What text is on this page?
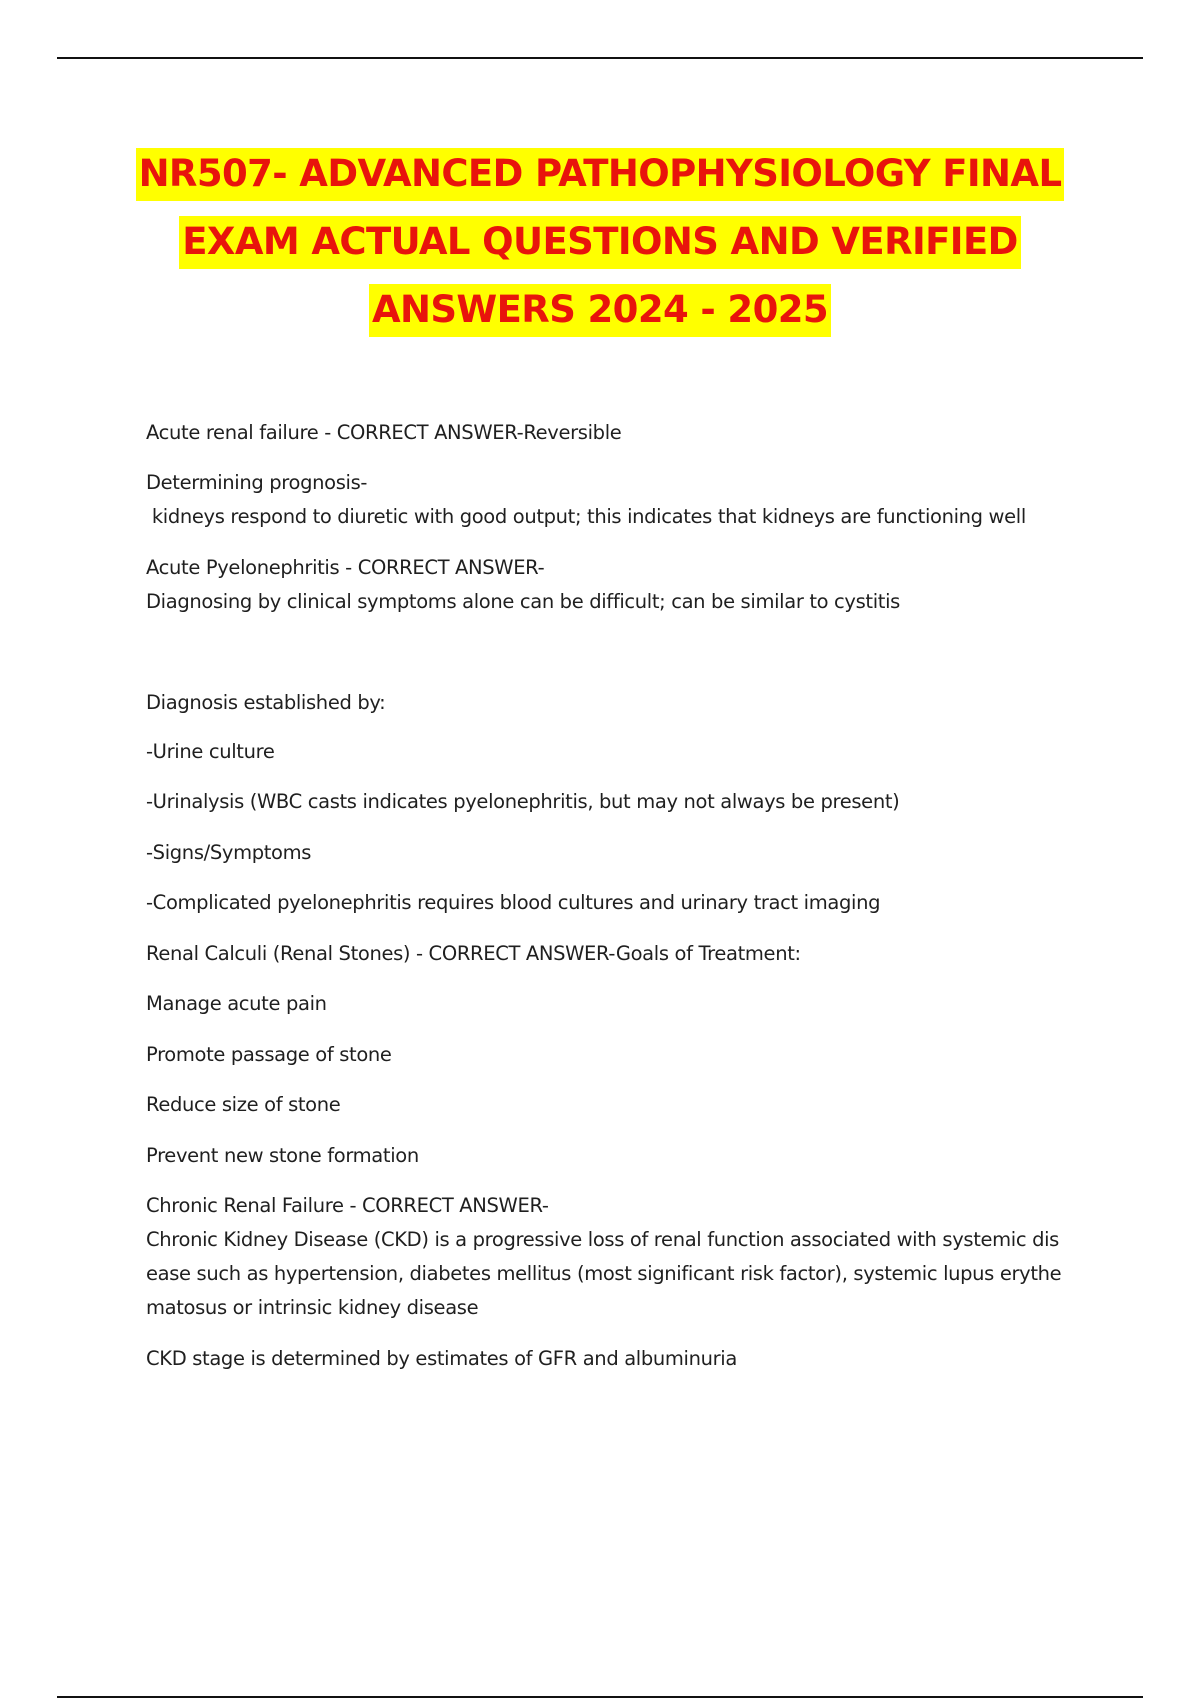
NR507- ADVANCED PATHOPHYSIOLOGY FINAL
EXAM ACTUAL QUESTIONS AND VERIFIED
ANSWERS 2024 - 2025
Acute renal failure - CORRECT ANSWER-Reversible
Determining prognosis-
kidneys respond to diuretic with good output; this indicates that kidneys are functioning well
Acute Pyelonephritis - CORRECT ANSWER-
Diagnosing by clinical symptoms alone can be difficult; can be similar to cystitis
Diagnosis established by:
-Urine culture
-Urinalysis (WBC casts indicates pyelonephritis, but may not always be present)
-Signs/Symptoms
-Complicated pyelonephritis requires blood cultures and urinary tract imaging
Renal Calculi (Renal Stones) - CORRECT ANSWER-Goals of Treatment:
Manage acute pain
Promote passage of stone
Reduce size of stone
Prevent new stone formation
Chronic Renal Failure - CORRECT ANSWER-
Chronic Kidney Disease (CKD) is a progressive loss of renal function associated with systemic dis
ease such as hypertension, diabetes mellitus (most significant risk factor), systemic lupus erythe
matosus or intrinsic kidney disease
CKD stage is determined by estimates of GFR and albuminuria
